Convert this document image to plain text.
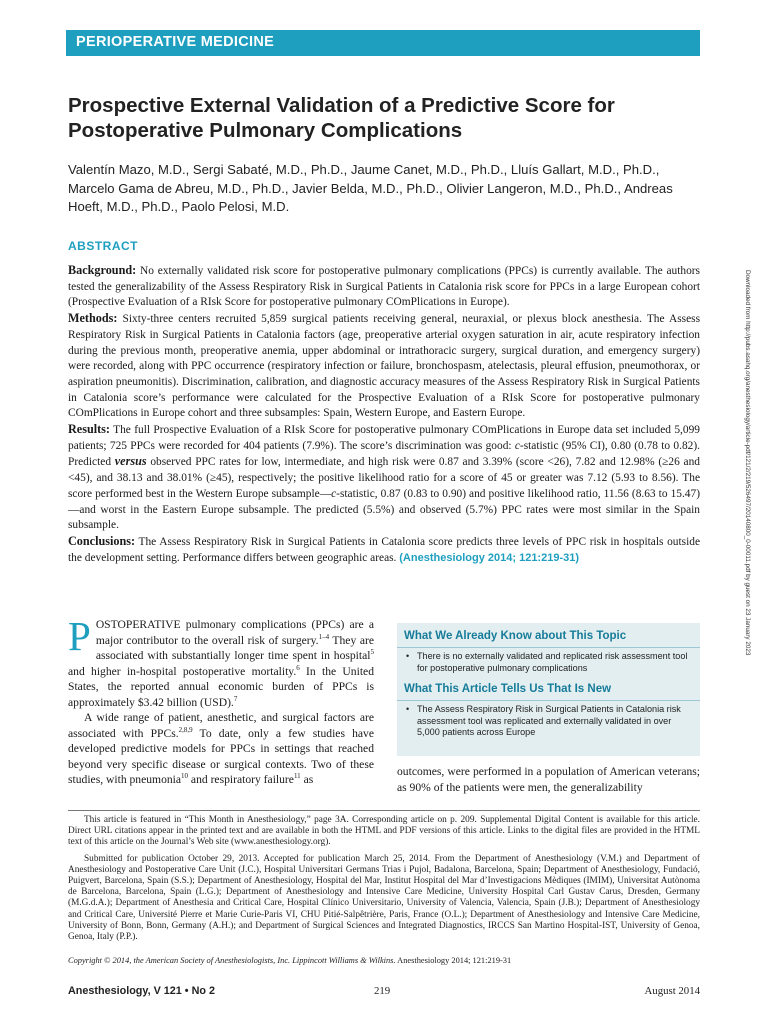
PERIOPERATIVE MEDICINE
Prospective External Validation of a Predictive Score for Postoperative Pulmonary Complications
Valentín Mazo, M.D., Sergi Sabaté, M.D., Ph.D., Jaume Canet, M.D., Ph.D., Lluís Gallart, M.D., Ph.D., Marcelo Gama de Abreu, M.D., Ph.D., Javier Belda, M.D., Ph.D., Olivier Langeron, M.D., Ph.D., Andreas Hoeft, M.D., Ph.D., Paolo Pelosi, M.D.
ABSTRACT

Background: No externally validated risk score for postoperative pulmonary complications (PPCs) is currently available. The authors tested the generalizability of the Assess Respiratory Risk in Surgical Patients in Catalonia risk score for PPCs in a large European cohort (Prospective Evaluation of a RIsk Score for postoperative pulmonary COmPlications in Europe).

Methods: Sixty-three centers recruited 5,859 surgical patients receiving general, neuraxial, or plexus block anesthesia. The Assess Respiratory Risk in Surgical Patients in Catalonia factors (age, preoperative arterial oxygen saturation in air, acute respiratory infection during the previous month, preoperative anemia, upper abdominal or intrathoracic surgery, surgical duration, and emergency surgery) were recorded, along with PPC occurrence (respiratory infection or failure, bronchospasm, atelectasis, pleural effusion, pneumothorax, or aspiration pneumonitis). Discrimination, calibration, and diagnostic accuracy measures of the Assess Respiratory Risk in Surgical Patients in Catalonia score’s performance were calculated for the Prospective Evaluation of a RIsk Score for postoperative pulmonary COmPlications in Europe cohort and three subsamples: Spain, Western Europe, and Eastern Europe.

Results: The full Prospective Evaluation of a RIsk Score for postoperative pulmonary COmPlications in Europe data set included 5,099 patients; 725 PPCs were recorded for 404 patients (7.9%). The score’s discrimination was good: c-statistic (95% CI), 0.80 (0.78 to 0.82). Predicted versus observed PPC rates for low, intermediate, and high risk were 0.87 and 3.39% (score <26), 7.82 and 12.98% (≥26 and <45), and 38.13 and 38.01% (≥45), respectively; the positive likelihood ratio for a score of 45 or greater was 7.12 (5.93 to 8.56). The score performed best in the Western Europe subsample—c-statistic, 0.87 (0.83 to 0.90) and positive likelihood ratio, 11.56 (8.63 to 15.47)—and worst in the Eastern Europe subsample. The predicted (5.5%) and observed (5.7%) PPC rates were most similar in the Spain subsample.

Conclusions: The Assess Respiratory Risk in Surgical Patients in Catalonia score predicts three levels of PPC risk in hospitals outside the development setting. Performance differs between geographic areas. (Anesthesiology 2014; 121:219-31)	Downloaded from http://pubs.asahq.org/anesthesiology/article-pdf/121/2/219/526497/20140800_0-00011.pdf by guest on 23 January 2023

POSTOPERATIVE pulmonary complications (PPCs) are a major contributor to the overall risk of surgery.$^{1-4}$ They are associated with substantially longer time spent in hospital$^5$ and higher in-hospital postoperative mortality.$^6$ In the United States, the reported annual economic burden of PPCs is approximately $3.42 billion (USD).$^7$

A wide range of patient, anesthetic, and surgical factors are associated with PPCs.$^{2,8,9}$ To date, only a few studies have developed predictive models for PPCs in settings that reached beyond very specific disease or surgical contexts. Two of these studies, with pneumonia$^{10}$ and respiratory failure$^{11}$ as

What We Already Know about This Topic
• There is no externally validated and replicated risk assessment tool for postoperative pulmonary complications
What This Article Tells Us That Is New
• The Assess Respiratory Risk in Surgical Patients in Catalonia risk assessment tool was replicated and externally validated in over 5,000 patients across Europe
outcomes, were performed in a population of American veterans; as 90% of the patients were men, the generalizability

This article is featured in “This Month in Anesthesiology,” page 3A. Corresponding article on p. 209. Supplemental Digital Content is available for this article. Direct URL citations appear in the printed text and are available in both the HTML and PDF versions of this article. Links to the digital files are provided in the HTML text of this article on the Journal’s Web site (www.anesthesiology.org).

Submitted for publication October 29, 2013. Accepted for publication March 25, 2014. From the Department of Anesthesiology (V.M.) and Department of Anesthesiology and Postoperative Care Unit (J.C.), Hospital Universitari Germans Trias i Pujol, Badalona, Barcelona, Spain; Department of Anesthesiology, Fundació, Puigvert, Barcelona, Spain (S.S.); Department of Anesthesiology, Hospital del Mar, Institut Hospital del Mar d’Investigacions Mèdiques (IMIM), Universitat Autònoma de Barcelona, Barcelona, Spain (L.G.); Department of Anesthesiology and Intensive Care Medicine, University Hospital Carl Gustav Carus, Dresden, Germany (M.G.d.A.); Department of Anesthesia and Critical Care, Hospital Clínico Universitario, University of Valencia, Valencia, Spain (J.B.); Department of Anesthesiology and Critical Care, Université Pierre et Marie Curie-Paris VI, CHU Pitié-Salpêtrière, Paris, France (O.L.); Department of Anesthesiology and Intensive Care Medicine, University of Bonn, Bonn, Germany (A.H.); and Department of Surgical Sciences and Integrated Diagnostics, IRCCS San Martino Hospital-IST, University of Genoa, Genoa, Italy (P.P.).

Copyright © 2014, the American Society of Anesthesiologists, Inc. Lippincott Williams & Wilkins. Anesthesiology 2014; 121:219-31
Anesthesiology, V 121 • No 2	219	August 2014
